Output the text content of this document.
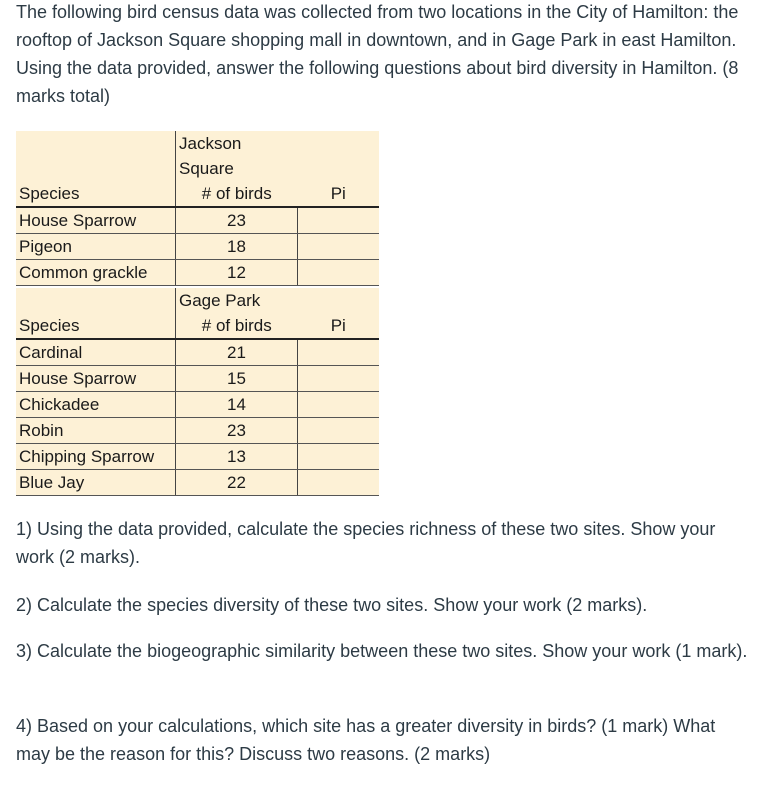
The following bird census data was collected from two locations in the City of Hamilton: the rooftop of Jackson Square shopping mall in downtown, and in Gage Park in east Hamilton. Using the data provided, answer the following questions about bird diversity in Hamilton. (8 marks total)

	Jackson Square	
Species	# of birds	Pi
House Sparrow	23	
Pigeon	18	
Common grackle	12	
	Gage Park	
Species	# of birds	Pi
Cardinal	21	
House Sparrow	15	
Chickadee	14	
Robin	23	
Chipping Sparrow	13	
Blue Jay	22	

1) Using the data provided, calculate the species richness of these two sites. Show your work (2 marks).

2) Calculate the species diversity of these two sites. Show your work (2 marks).

3) Calculate the biogeographic similarity between these two sites. Show your work (1 mark).

4) Based on your calculations, which site has a greater diversity in birds? (1 mark) What may be the reason for this? Discuss two reasons. (2 marks)
